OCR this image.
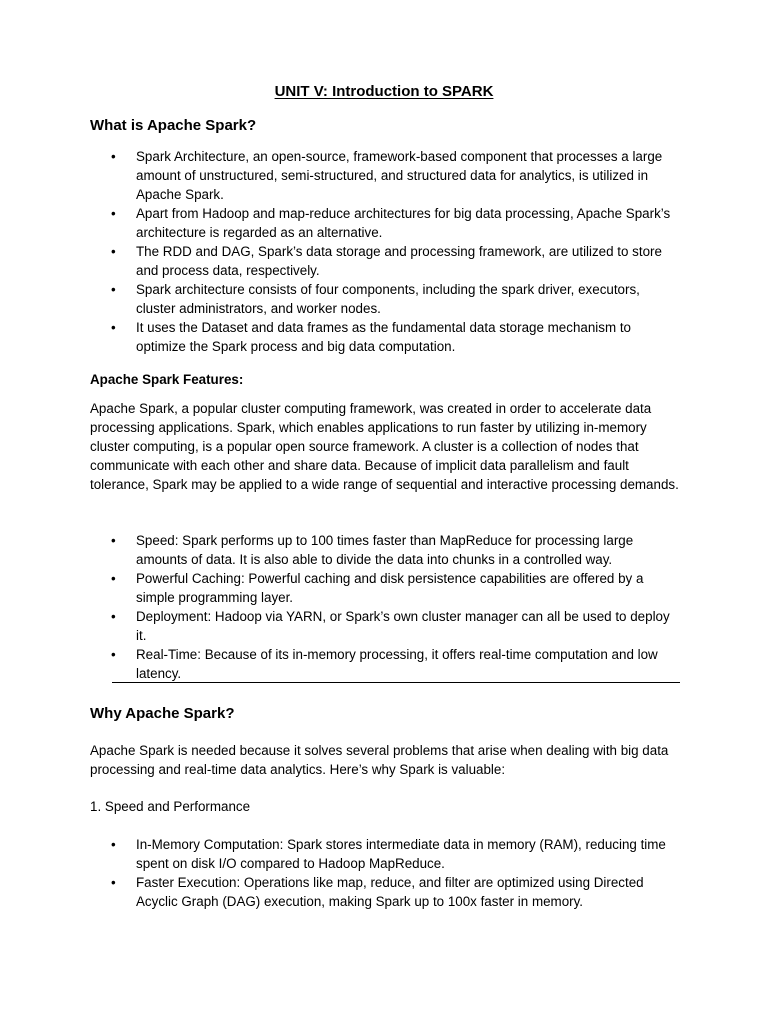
UNIT V: Introduction to SPARK
What is Apache Spark?
• Spark Architecture, an open-source, framework-based component that processes a large amount of unstructured, semi-structured, and structured data for analytics, is utilized in Apache Spark.
• Apart from Hadoop and map-reduce architectures for big data processing, Apache Spark’s architecture is regarded as an alternative.
• The RDD and DAG, Spark’s data storage and processing framework, are utilized to store and process data, respectively.
• Spark architecture consists of four components, including the spark driver, executors, cluster administrators, and worker nodes.
• It uses the Dataset and data frames as the fundamental data storage mechanism to optimize the Spark process and big data computation.
Apache Spark Features:

Apache Spark, a popular cluster computing framework, was created in order to accelerate data processing applications. Spark, which enables applications to run faster by utilizing in-memory cluster computing, is a popular open source framework. A cluster is a collection of nodes that communicate with each other and share data. Because of implicit data parallelism and fault tolerance, Spark may be applied to a wide range of sequential and interactive processing demands.

• Speed: Spark performs up to 100 times faster than MapReduce for processing large amounts of data. It is also able to divide the data into chunks in a controlled way.
• Powerful Caching: Powerful caching and disk persistence capabilities are offered by a simple programming layer.
• Deployment: Hadoop via YARN, or Spark’s own cluster manager can all be used to deploy it.
• Real-Time: Because of its in-memory processing, it offers real-time computation and low latency.
Why Apache Spark?

Apache Spark is needed because it solves several problems that arise when dealing with big data processing and real-time data analytics. Here’s why Spark is valuable:

1. Speed and Performance

• In-Memory Computation: Spark stores intermediate data in memory (RAM), reducing time spent on disk I/O compared to Hadoop MapReduce.
• Faster Execution: Operations like map, reduce, and filter are optimized using Directed Acyclic Graph (DAG) execution, making Spark up to 100x faster in memory.
